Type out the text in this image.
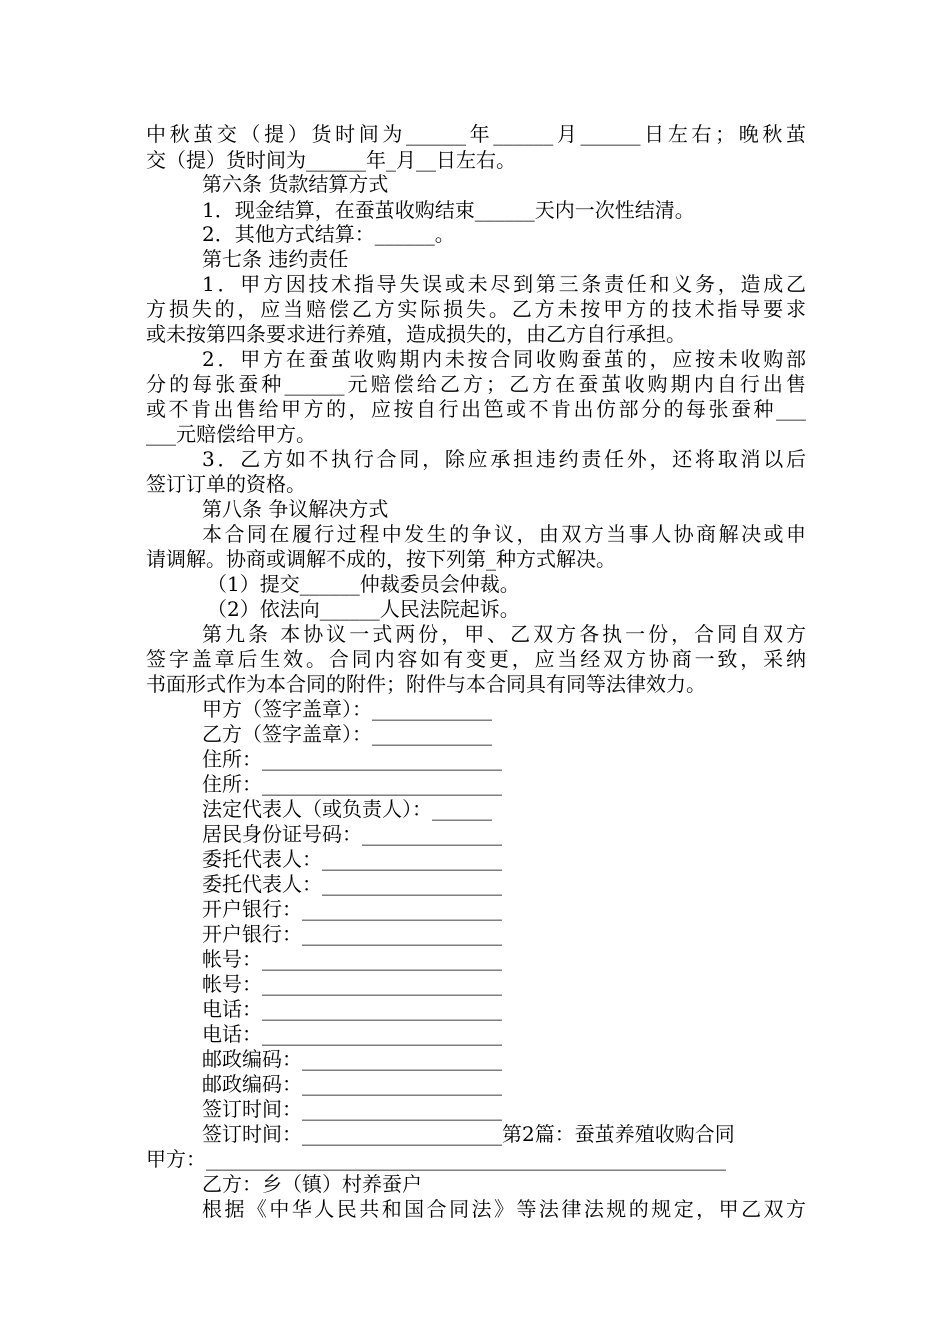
中秋茧交（提）货时间为______年______月______日左右；晚秋茧
交（提）货时间为______年_月__日左右。
第六条 货款结算方式
1．现金结算，在蚕茧收购结束______天内一次性结清。
2．其他方式结算：______。
第七条 违约责任
1．甲方因技术指导失误或未尽到第三条责任和义务，造成乙
方损失的，应当赔偿乙方实际损失。乙方未按甲方的技术指导要求
或未按第四条要求进行养殖，造成损失的，由乙方自行承担。
2．甲方在蚕茧收购期内未按合同收购蚕茧的，应按未收购部
分的每张蚕种______元赔偿给乙方；乙方在蚕茧收购期内自行出售
或不肯出售给甲方的，应按自行出笆或不肯出仿部分的每张蚕种___
___元赔偿给甲方。
3．乙方如不执行合同，除应承担违约责任外，还将取消以后
签订订单的资格。
第八条 争议解决方式
本合同在履行过程中发生的争议，由双方当事人协商解决或申
请调解。协商或调解不成的，按下列第_种方式解决。
（1）提交______仲裁委员会仲裁。
（2）依法向______人民法院起诉。
第九条 本协议一式两份，甲、乙双方各执一份，合同自双方
签字盖章后生效。合同内容如有变更，应当经双方协商一致，采纳
书面形式作为本合同的附件；附件与本合同具有同等法律效力。
甲方（签字盖章）：____________
乙方（签字盖章）：____________
住所：________________________
住所：________________________
法定代表人（或负责人）：______
居民身份证号码：______________
委托代表人：__________________
委托代表人：__________________
开户银行：____________________
开户银行：____________________
帐号：________________________
帐号：________________________
电话：________________________
电话：________________________
邮政编码：____________________
邮政编码：____________________
签订时间：____________________
签订时间：____________________第2篇：蚕茧养殖收购合同
甲方：____________________________________________________
乙方：乡（镇）村养蚕户
根据《中华人民共和国合同法》等法律法规的规定，甲乙双方
